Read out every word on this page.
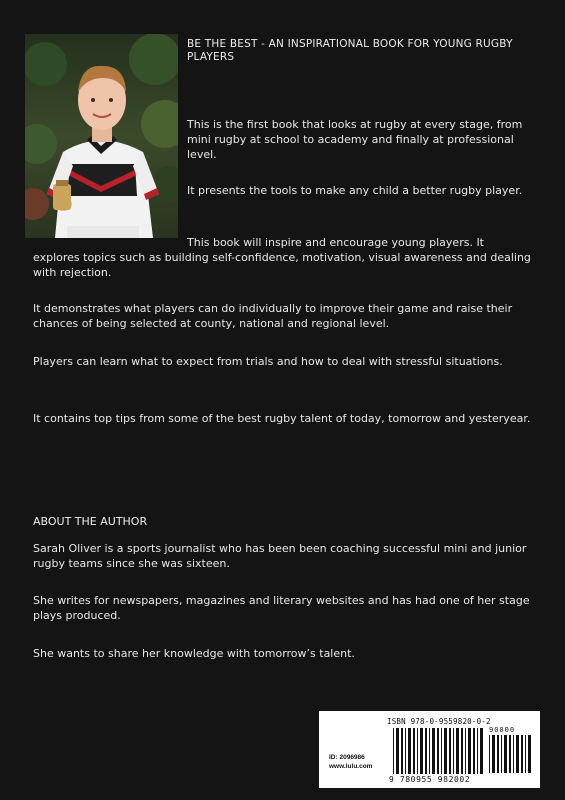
BE THE BEST - AN INSPIRATIONAL BOOK FOR YOUNG RUGBY PLAYERS
This is the first book that looks at rugby at every stage, from mini rugby at school to academy and finally at professional level.
It presents the tools to make any child a better rugby player.
This book will inspire and encourage young players. It
explores topics such as building self-confidence, motivation, visual awareness and dealing with rejection.
It demonstrates what players can do individually to improve their game and raise their chances of being selected at county, national and regional level.
Players can learn what to expect from trials and how to deal with stressful situations.
It contains top tips from some of the best rugby talent of today, tomorrow and yesteryear.
ABOUT THE AUTHOR
Sarah Oliver is a sports journalist who has been been coaching successful mini and junior rugby teams since she was sixteen.
She writes for newspapers, magazines and literary websites and has had one of her stage plays produced.
She wants to share her knowledge with tomorrow’s talent.
ISBN 978-0-9559820-0-2
ID: 2096986
www.lulu.com
9 780955 982002
90000
